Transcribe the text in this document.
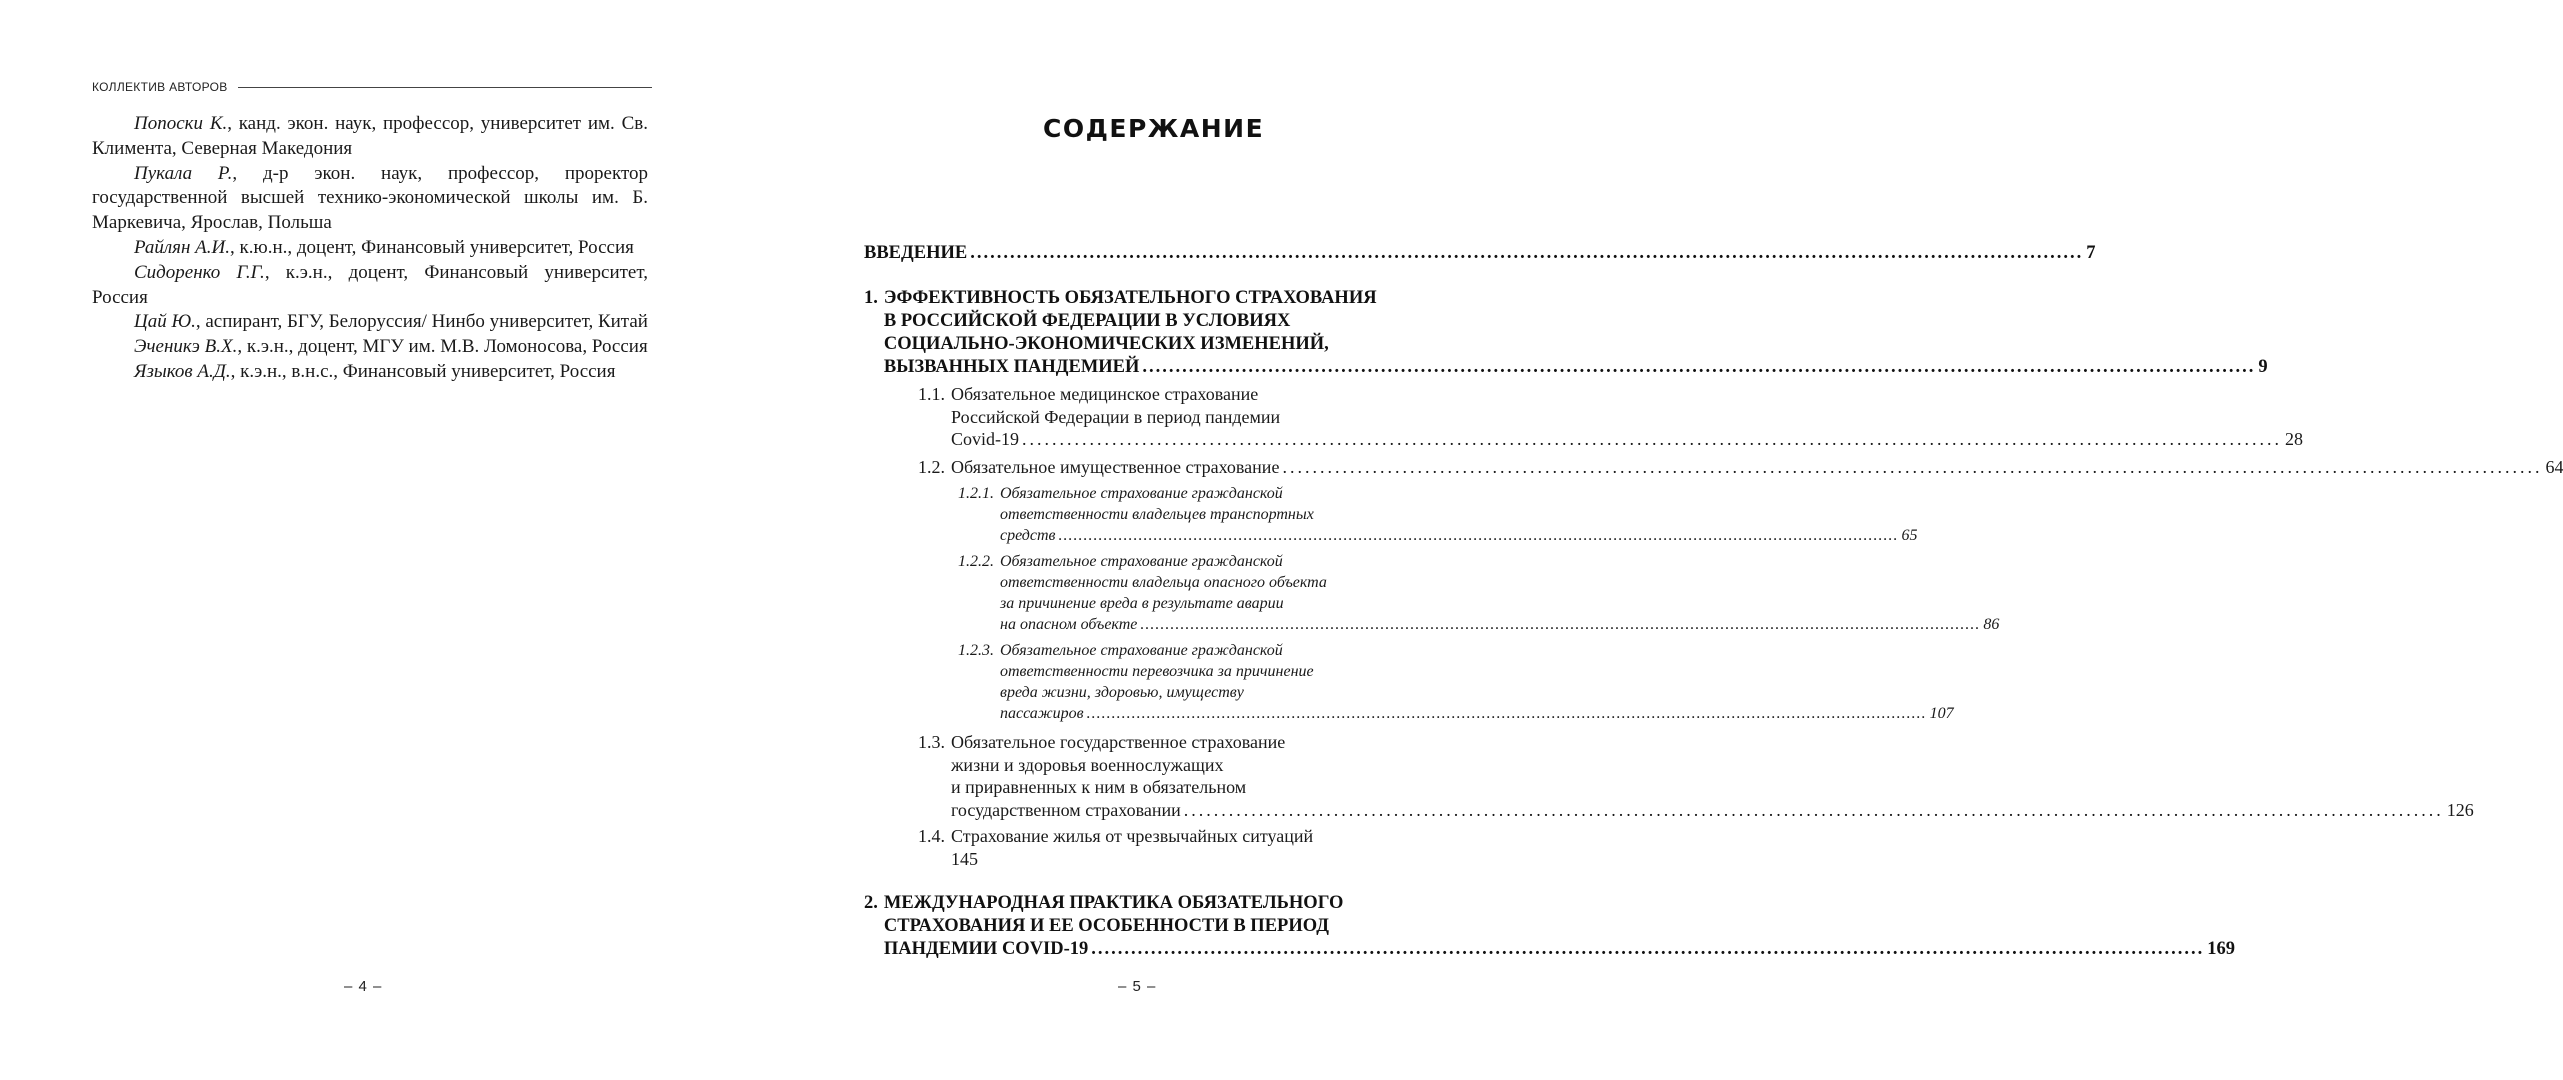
КОЛЛЕКТИВ АВТОРОВ

Попоски К., канд. экон. наук, профессор, университет им. Св. Климента, Северная Македония

Пукала Р., д-р экон. наук, профессор, проректор государственной высшей технико-экономической школы им. Б. Маркевича, Ярослав, Польша

Райлян А.И., к.ю.н., доцент, Финансовый университет, Россия

Сидоренко Г.Г., к.э.н., доцент, Финансовый университет, Россия

Цай Ю., аспирант, БГУ, Белоруссия/ Нинбо университет, Китай

Эченикэ В.Х., к.э.н., доцент, МГУ им. М.В. Ломоносова, Россия

Языков А.Д., к.э.н., в.н.с., Финансовый университет, Россия

– 4 –
СОДЕРЖАНИЕ
ВВЕДЕНИЕ .....	7
1. ЭФФЕКТИВНОСТЬ ОБЯЗАТЕЛЬНОГО СТРАХОВАНИЯ
В РОССИЙСКОЙ ФЕДЕРАЦИИ В УСЛОВИЯХ
СОЦИАЛЬНО-ЭКОНОМИЧЕСКИХ ИЗМЕНЕНИЙ,
ВЫЗВАННЫХ ПАНДЕМИЕЙ .....	9
1.1. Обязательное медицинское страхование
Российской Федерации в период пандемии
Covid-19 .....	28
1.2. Обязательное имущественное страхование .....	64
1.2.1. Обязательное страхование гражданской
ответственности владельцев транспортных
средств .....	65
1.2.2. Обязательное страхование гражданской
ответственности владельца опасного объекта
за причинение вреда в результате аварии
на опасном объекте .....	86
1.2.3. Обязательное страхование гражданской
ответственности перевозчика за причинение
вреда жизни, здоровью, имуществу
пассажиров .....	107
1.3. Обязательное государственное страхование
жизни и здоровья военнослужащих
и приравненных к ним в обязательном
государственном страховании .....	126
1.4. Страхование жилья от чрезвычайных ситуаций
145
2. МЕЖДУНАРОДНАЯ ПРАКТИКА ОБЯЗАТЕЛЬНОГО
СТРАХОВАНИЯ И ЕЕ ОСОБЕННОСТИ В ПЕРИОД
ПАНДЕМИИ COVID-19 .....	169
– 5 –
